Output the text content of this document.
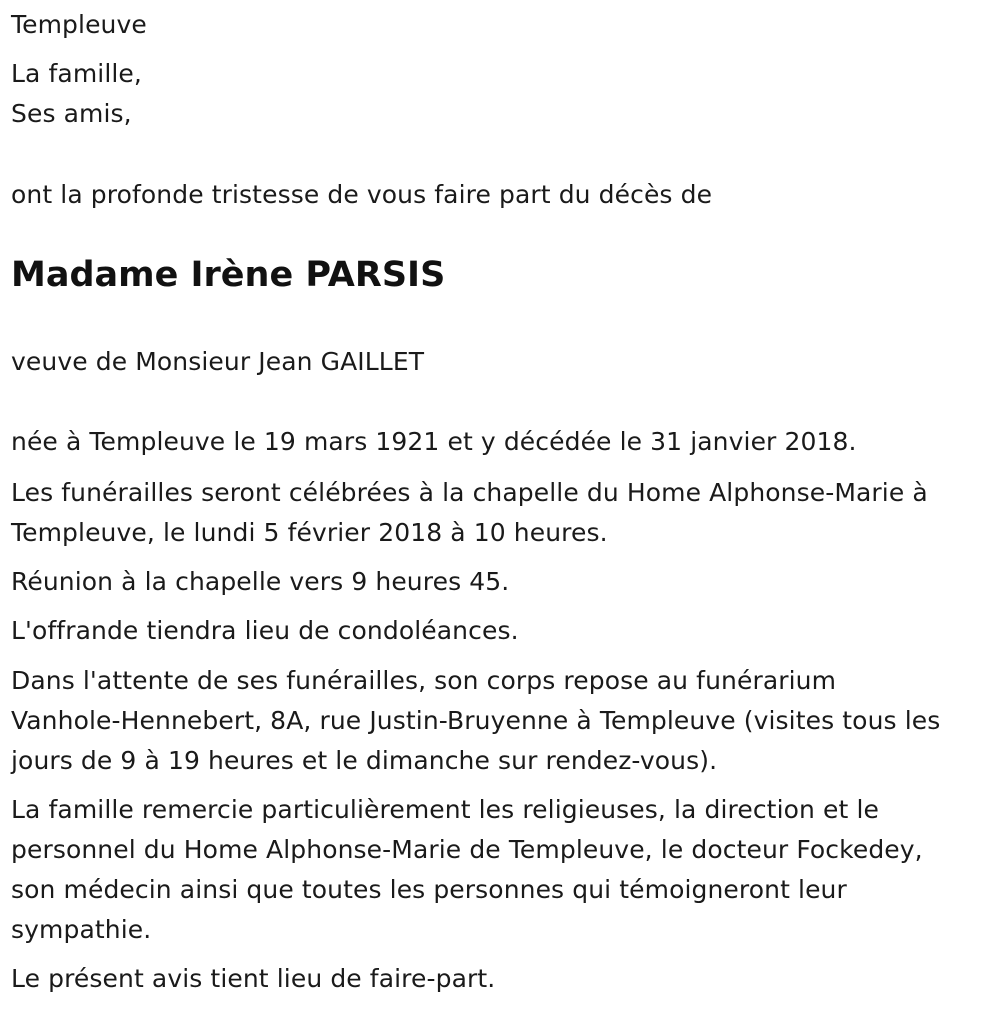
Templeuve
La famille,
Ses amis,
ont la profonde tristesse de vous faire part du décès de
Madame Irène PARSIS
veuve de Monsieur Jean GAILLET
née à Templeuve le 19 mars 1921 et y décédée le 31 janvier 2018.
Les funérailles seront célébrées à la chapelle du Home Alphonse-Marie à
Templeuve, le lundi 5 février 2018 à 10 heures.
Réunion à la chapelle vers 9 heures 45.
L'offrande tiendra lieu de condoléances.
Dans l'attente de ses funérailles, son corps repose au funérarium
Vanhole-Hennebert, 8A, rue Justin-Bruyenne à Templeuve (visites tous les
jours de 9 à 19 heures et le dimanche sur rendez-vous).
La famille remercie particulièrement les religieuses, la direction et le
personnel du Home Alphonse-Marie de Templeuve, le docteur Fockedey,
son médecin ainsi que toutes les personnes qui témoigneront leur
sympathie.
Le présent avis tient lieu de faire-part.
